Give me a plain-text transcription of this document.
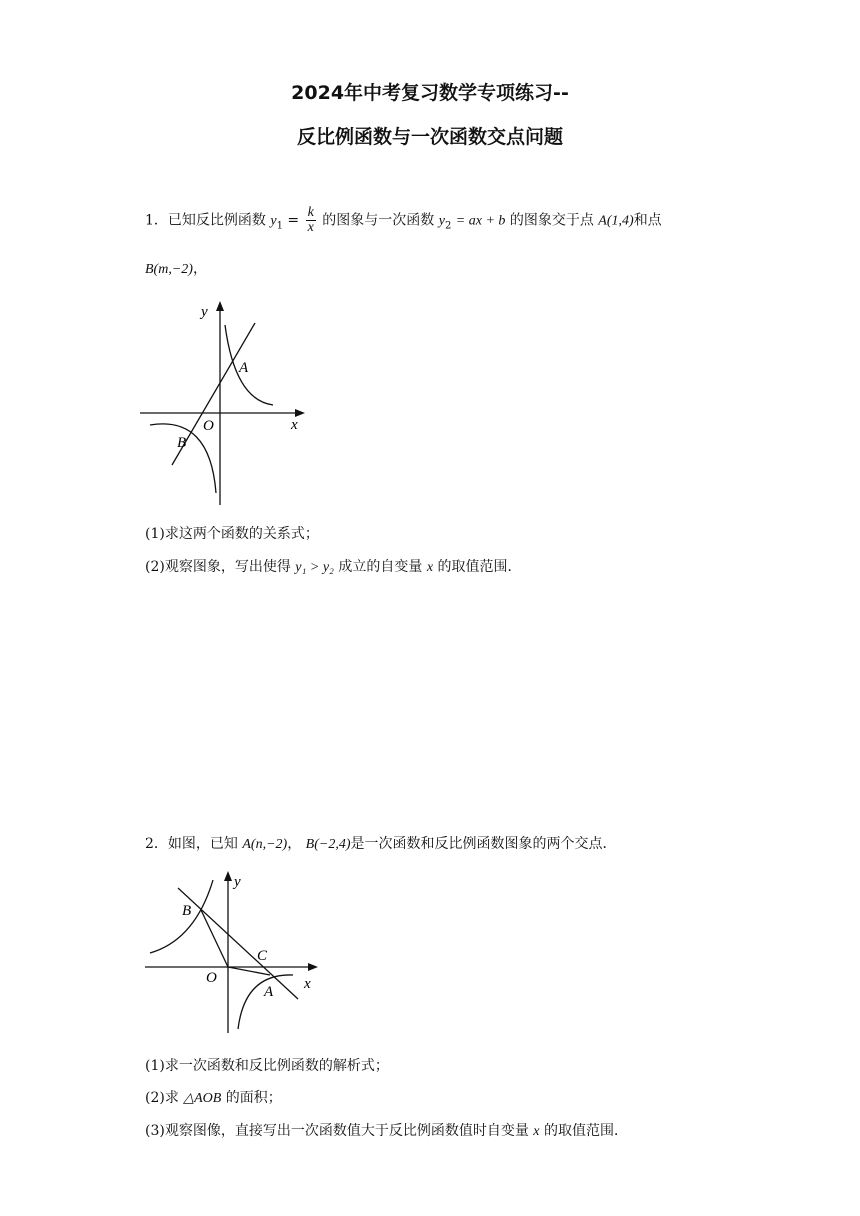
2024年中考复习数学专项练习--
反比例函数与一次函数交点问题
1．已知反比例函数 $y_1 = \frac{k}{x}$ 的图象与一次函数 $y_2$ = ax + b 的图象交于点 A(1,4)和点
B(m,−2)，
y
x
O
A
B
(1)求这两个函数的关系式；
(2)观察图象，写出使得 y₁ > y₂ 成立的自变量 x 的取值范围．
2．如图，已知 A(n,−2)， B(−2,4)是一次函数和反比例函数图象的两个交点．
y
x
O
A
B
C
(1)求一次函数和反比例函数的解析式；
(2)求 △AOB 的面积；
(3)观察图像，直接写出一次函数值大于反比例函数值时自变量 x 的取值范围．
